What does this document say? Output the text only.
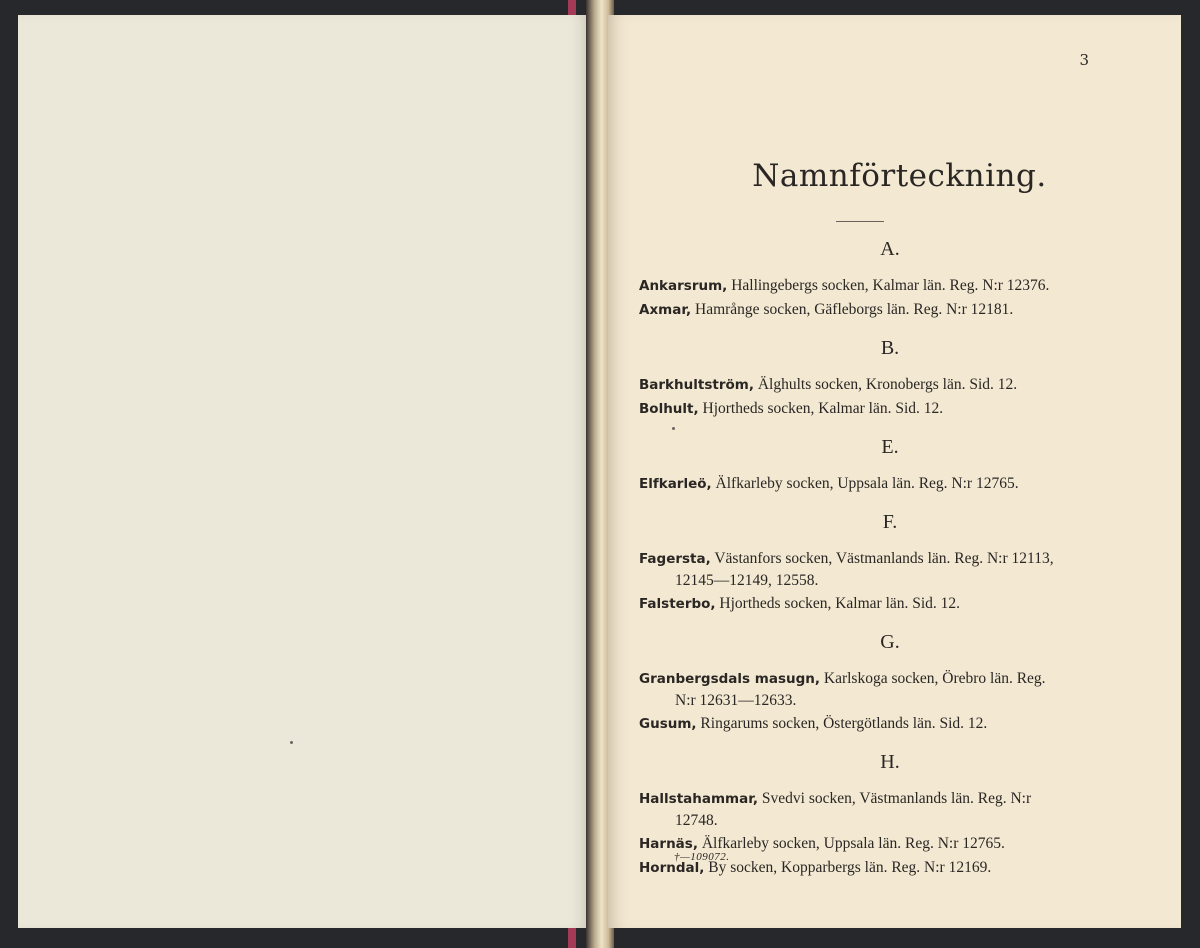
3
Namnförteckning.
A.
Ankarsrum, Hallingebergs socken, Kalmar län. Reg. N:r 12376.
Axmar, Hamrånge socken, Gäfleborgs län. Reg. N:r 12181.
B.
Barkhultström, Älghults socken, Kronobergs län. Sid. 12.
Bolhult, Hjortheds socken, Kalmar län. Sid. 12.
E.
Elfkarleö, Älfkarleby socken, Uppsala län. Reg. N:r 12765.
F.
Fagersta, Västanfors socken, Västmanlands län. Reg. N:r 12113,
12145—12149, 12558.
Falsterbo, Hjortheds socken, Kalmar län. Sid. 12.
G.
Granbergsdals masugn, Karlskoga socken, Örebro län. Reg.
N:r 12631—12633.
Gusum, Ringarums socken, Östergötlands län. Sid. 12.
H.
Hallstahammar, Svedvi socken, Västmanlands län. Reg. N:r
12748.
Harnäs, Älfkarleby socken, Uppsala län. Reg. N:r 12765.
Horndal, By socken, Kopparbergs län. Reg. N:r 12169.
†—109072.
